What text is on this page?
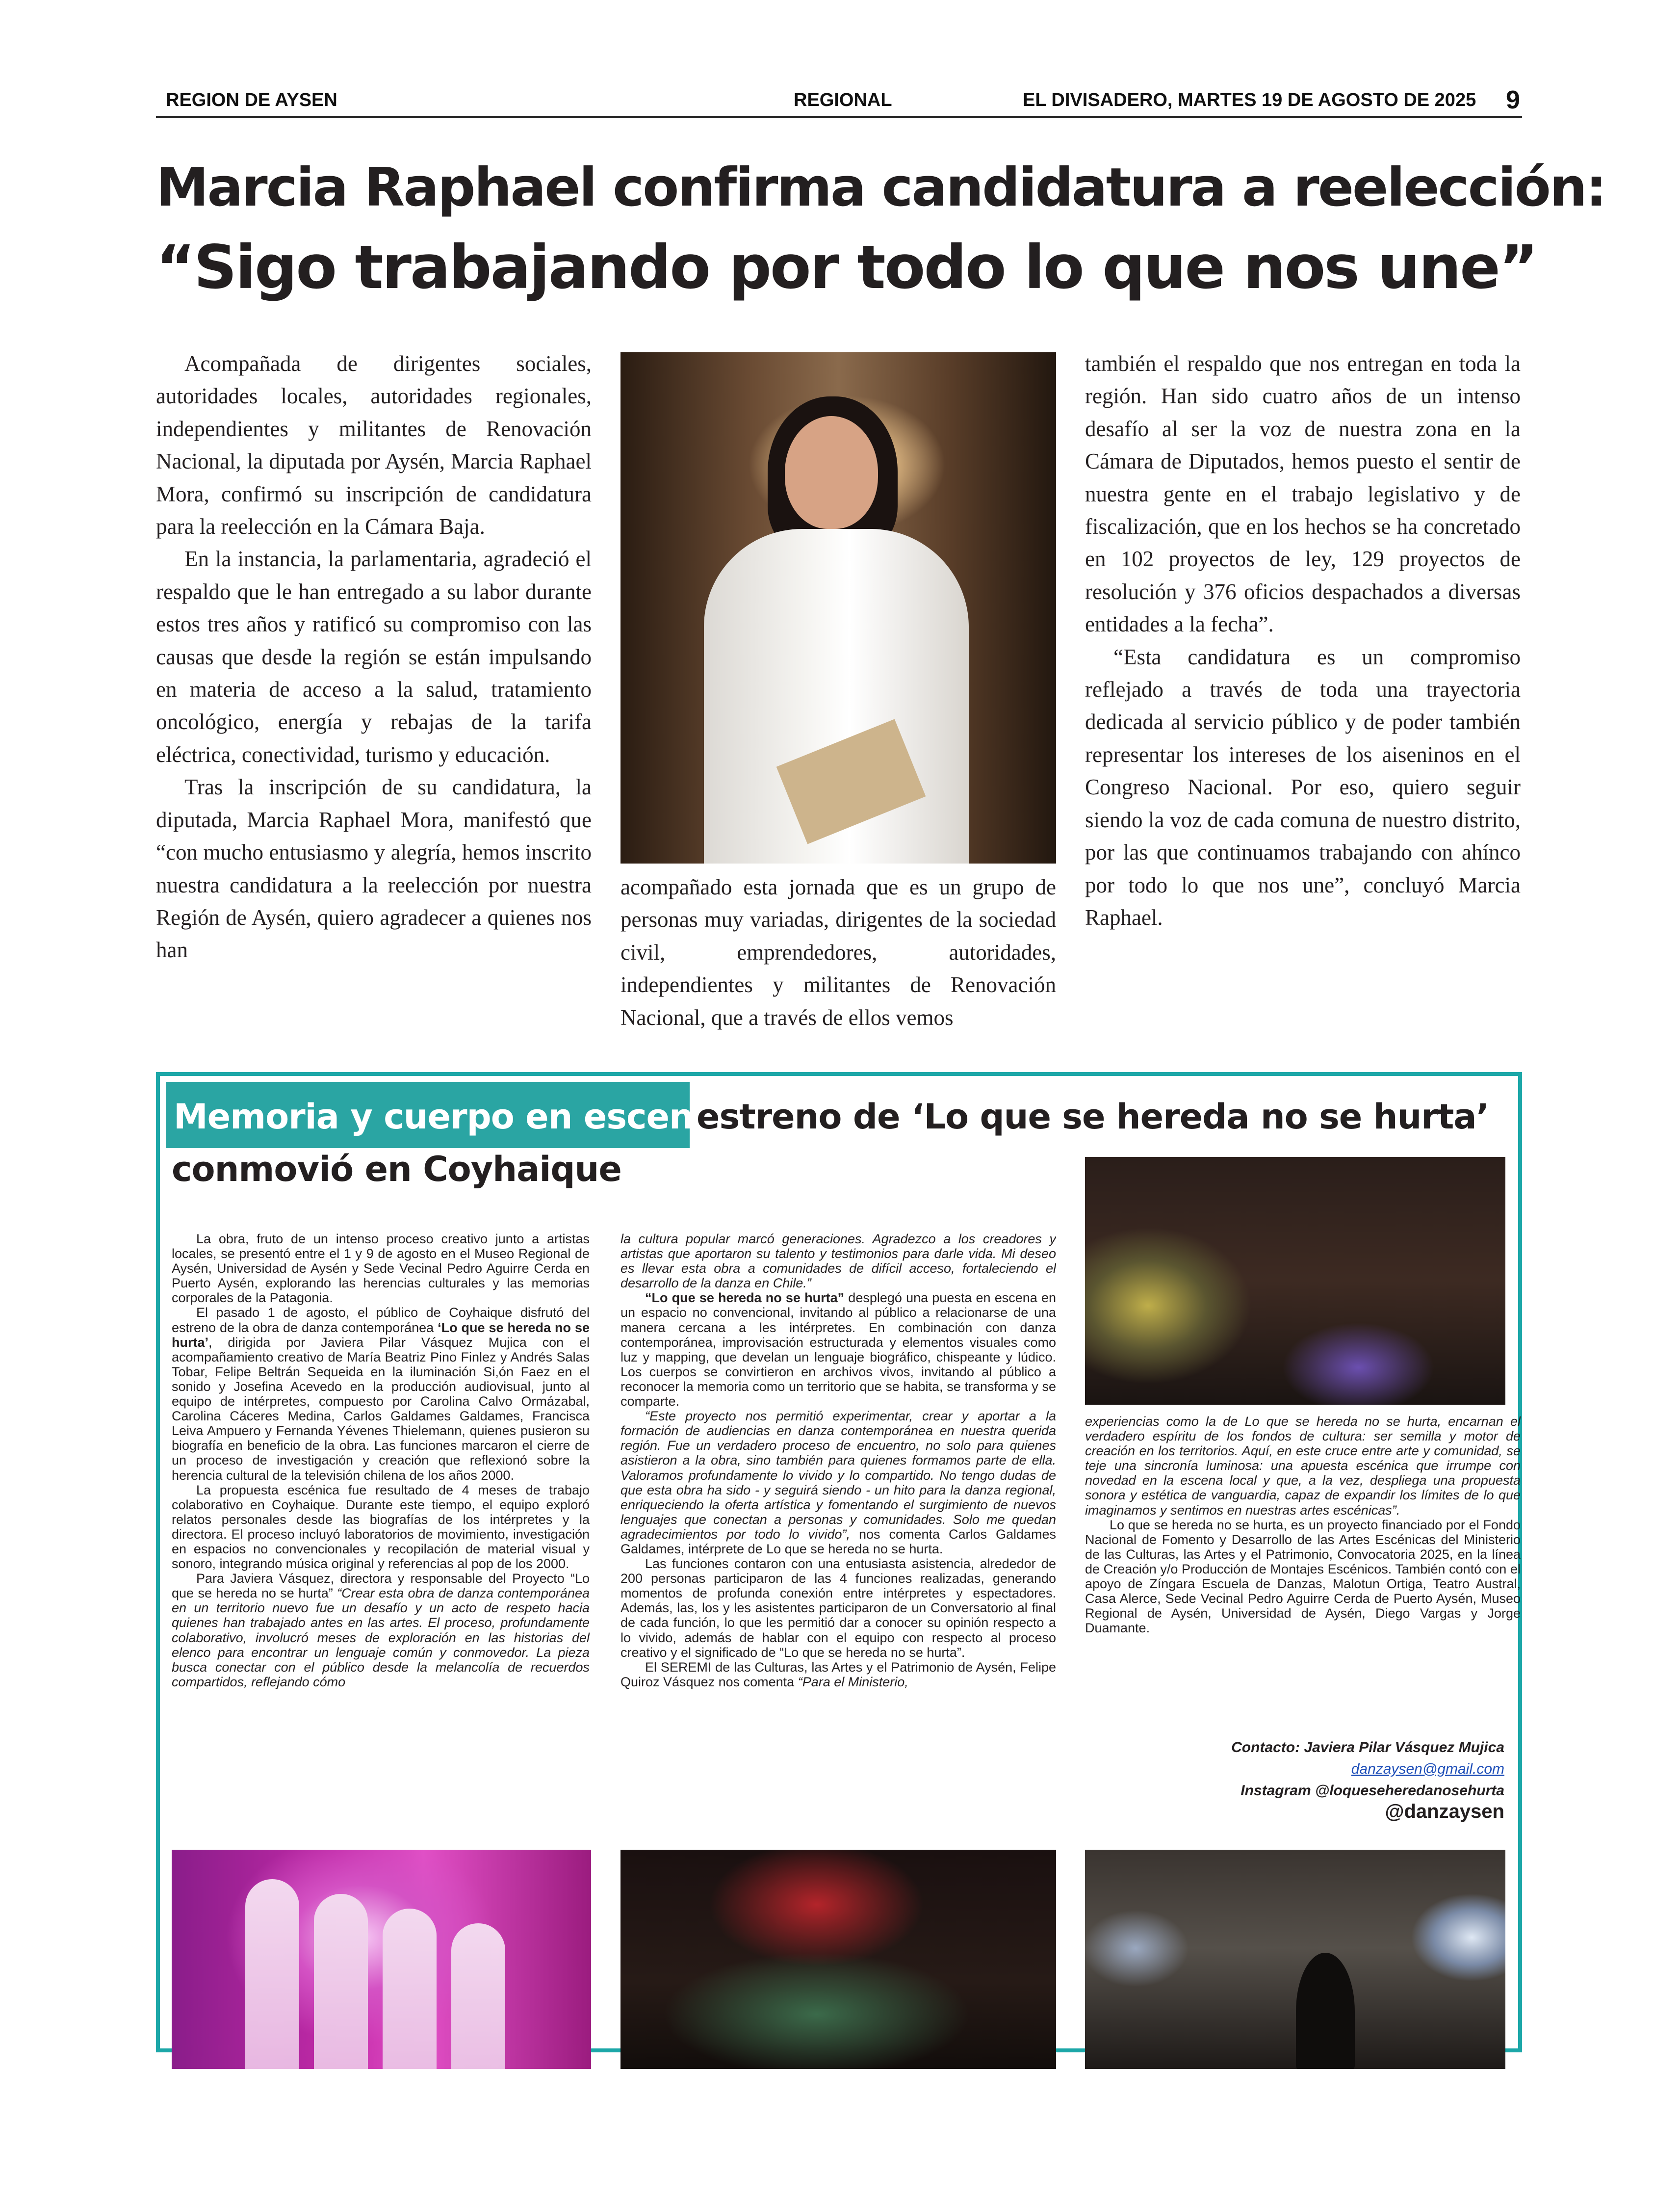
REGION DE AYSEN	REGIONAL	EL DIVISADERO, MARTES 19 DE AGOSTO DE 2025 9
Marcia Raphael confirma candidatura a reelección:
“Sigo trabajando por todo lo que nos une”

Acompañada de dirigentes sociales, autoridades locales, autoridades regionales, independientes y militantes de Renovación Nacional, la diputada por Aysén, Marcia Raphael Mora, confirmó su inscripción de candidatura para la reelección en la Cámara Baja.

En la instancia, la parlamentaria, agradeció el respaldo que le han entregado a su labor durante estos tres años y ratificó su compromiso con las causas que desde la región se están impulsando en materia de acceso a la salud, tratamiento oncológico, energía y rebajas de la tarifa eléctrica, conectividad, turismo y educación.

Tras la inscripción de su candidatura, la diputada, Marcia Raphael Mora, manifestó que “con mucho entusiasmo y alegría, hemos inscrito nuestra candidatura a la reelección por nuestra Región de Aysén, quiero agradecer a quienes nos han

acompañado esta jornada que es un grupo de personas muy variadas, dirigentes de la sociedad civil, emprendedores, autoridades, independientes y militantes de Renovación Nacional, que a través de ellos vemos

también el respaldo que nos entregan en toda la región. Han sido cuatro años de un intenso desafío al ser la voz de nuestra zona en la Cámara de Diputados, hemos puesto el sentir de nuestra gente en el trabajo legislativo y de fiscalización, que en los hechos se ha concretado en 102 proyectos de ley, 129 proyectos de resolución y 376 oficios despachados a diversas entidades a la fecha”.

“Esta candidatura es un compromiso reflejado a través de toda una trayectoria dedicada al servicio público y de poder también representar los intereses de los aiseninos en el Congreso Nacional. Por eso, quiero seguir siendo la voz de cada comuna de nuestro distrito, por las que continuamos trabajando con ahínco por todo lo que nos une”, concluyó Marcia Raphael.

Memoria y cuerpo en escena:
estreno de ‘Lo que se hereda no se hurta’
conmovió en Coyhaique

La obra, fruto de un intenso proceso creativo junto a artistas locales, se presentó entre el 1 y 9 de agosto en el Museo Regional de Aysén, Universidad de Aysén y Sede Vecinal Pedro Aguirre Cerda en Puerto Aysén, explorando las herencias culturales y las memorias corporales de la Patagonia.

El pasado 1 de agosto, el público de Coyhaique disfrutó del estreno de la obra de danza contemporánea ‘Lo que se hereda no se hurta’, dirigida por Javiera Pilar Vásquez Mujica con el acompañamiento creativo de María Beatriz Pino Finlez y Andrés Salas Tobar, Felipe Beltrán Sequeida en la iluminación Si,ón Faez en el sonido y Josefina Acevedo en la producción audiovisual, junto al equipo de intérpretes, compuesto por Carolina Calvo Ormázabal, Carolina Cáceres Medina, Carlos Galdames Galdames, Francisca Leiva Ampuero y Fernanda Yévenes Thielemann, quienes pusieron su biografía en beneficio de la obra. Las funciones marcaron el cierre de un proceso de investigación y creación que reflexionó sobre la herencia cultural de la televisión chilena de los años 2000.

La propuesta escénica fue resultado de 4 meses de trabajo colaborativo en Coyhaique. Durante este tiempo, el equipo exploró relatos personales desde las biografías de los intérpretes y la directora. El proceso incluyó laboratorios de movimiento, investigación en espacios no convencionales y recopilación de material visual y sonoro, integrando música original y referencias al pop de los 2000.

Para Javiera Vásquez, directora y responsable del Proyecto “Lo que se hereda no se hurta” “Crear esta obra de danza contemporánea en un territorio nuevo fue un desafío y un acto de respeto hacia quienes han trabajado antes en las artes. El proceso, profundamente colaborativo, involucró meses de exploración en las historias del elenco para encontrar un lenguaje común y conmovedor. La pieza busca conectar con el público desde la melancolía de recuerdos compartidos, reflejando cómo

la cultura popular marcó generaciones. Agradezco a los creadores y artistas que aportaron su talento y testimonios para darle vida. Mi deseo es llevar esta obra a comunidades de difícil acceso, fortaleciendo el desarrollo de la danza en Chile.”

“Lo que se hereda no se hurta” desplegó una puesta en escena en un espacio no convencional, invitando al público a relacionarse de una manera cercana a les intérpretes. En combinación con danza contemporánea, improvisación estructurada y elementos visuales como luz y mapping, que develan un lenguaje biográfico, chispeante y lúdico. Los cuerpos se convirtieron en archivos vivos, invitando al público a reconocer la memoria como un territorio que se habita, se transforma y se comparte.

“Este proyecto nos permitió experimentar, crear y aportar a la formación de audiencias en danza contemporánea en nuestra querida región. Fue un verdadero proceso de encuentro, no solo para quienes asistieron a la obra, sino también para quienes formamos parte de ella. Valoramos profundamente lo vivido y lo compartido. No tengo dudas de que esta obra ha sido - y seguirá siendo - un hito para la danza regional, enriqueciendo la oferta artística y fomentando el surgimiento de nuevos lenguajes que conectan a personas y comunidades. Solo me quedan agradecimientos por todo lo vivido”, nos comenta Carlos Galdames Galdames, intérprete de Lo que se hereda no se hurta.

Las funciones contaron con una entusiasta asistencia, alrededor de 200 personas participaron de las 4 funciones realizadas, generando momentos de profunda conexión entre intérpretes y espectadores. Además, las, los y les asistentes participaron de un Conversatorio al final de cada función, lo que les permitió dar a conocer su opinión respecto a lo vivido, además de hablar con el equipo con respecto al proceso creativo y el significado de “Lo que se hereda no se hurta”.

El SEREMI de las Culturas, las Artes y el Patrimonio de Aysén, Felipe Quiroz Vásquez nos comenta “Para el Ministerio,

experiencias como la de Lo que se hereda no se hurta, encarnan el verdadero espíritu de los fondos de cultura: ser semilla y motor de creación en los territorios. Aquí, en este cruce entre arte y comunidad, se teje una sincronía luminosa: una apuesta escénica que irrumpe con novedad en la escena local y que, a la vez, despliega una propuesta sonora y estética de vanguardia, capaz de expandir los límites de lo que imaginamos y sentimos en nuestras artes escénicas”.

Lo que se hereda no se hurta, es un proyecto financiado por el Fondo Nacional de Fomento y Desarrollo de las Artes Escénicas del Ministerio de las Culturas, las Artes y el Patrimonio, Convocatoria 2025, en la línea de Creación y/o Producción de Montajes Escénicos. También contó con el apoyo de Zíngara Escuela de Danzas, Malotun Ortiga, Teatro Austral, Casa Alerce, Sede Vecinal Pedro Aguirre Cerda de Puerto Aysén, Museo Regional de Aysén, Universidad de Aysén, Diego Vargas y Jorge Duamante.

Contacto: Javiera Pilar Vásquez Mujica
danzaysen@gmail.com
Instagram @loqueseheredanosehurta
@danzaysen
